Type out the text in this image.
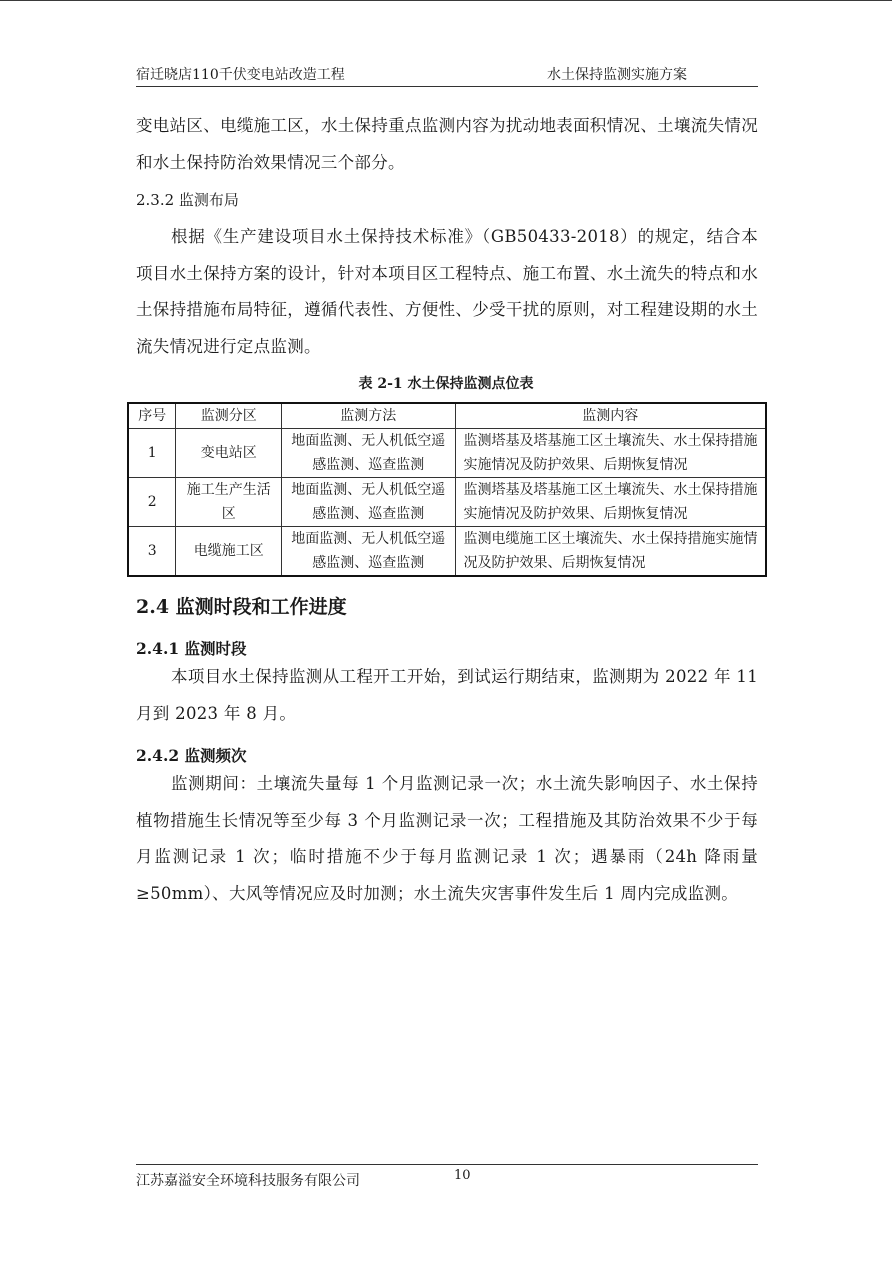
宿迁晓店110千伏变电站改造工程	水土保持监测实施方案

变电站区、电缆施工区，水土保持重点监测内容为扰动地表面积情况、土壤流失情况和水土保持防治效果情况三个部分。

2.3.2 监测布局

根据《生产建设项目水土保持技术标准》（GB50433-2018）的规定，结合本项目水土保持方案的设计，针对本项目区工程特点、施工布置、水土流失的特点和水土保持措施布局特征，遵循代表性、方便性、少受干扰的原则，对工程建设期的水土流失情况进行定点监测。

表 2-1 水土保持监测点位表
序号	监测分区	监测方法	监测内容
1	变电站区	地面监测、无人机低空遥感监测、巡查监测	监测塔基及塔基施工区土壤流失、水土保持措施实施情况及防护效果、后期恢复情况
2	施工生产生活区	地面监测、无人机低空遥感监测、巡查监测	监测塔基及塔基施工区土壤流失、水土保持措施实施情况及防护效果、后期恢复情况
3	电缆施工区	地面监测、无人机低空遥感监测、巡查监测	监测电缆施工区土壤流失、水土保持措施实施情况及防护效果、后期恢复情况
2.4 监测时段和工作进度
2.4.1 监测时段

本项目水土保持监测从工程开工开始，到试运行期结束，监测期为 2022 年 11 月到 2023 年 8 月。

2.4.2 监测频次

监测期间：土壤流失量每 1 个月监测记录一次；水土流失影响因子、水土保持植物措施生长情况等至少每 3 个月监测记录一次；工程措施及其防治效果不少于每月监测记录 1 次；临时措施不少于每月监测记录 1 次；遇暴雨（24h 降雨量≥50mm）、大风等情况应及时加测；水土流失灾害事件发生后 1 周内完成监测。

江苏嘉溢安全环境科技服务有限公司	10
